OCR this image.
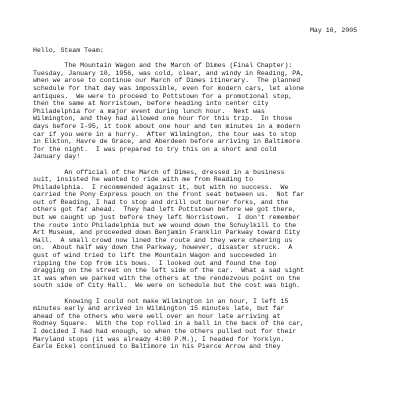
May 16, 2005
Hello, Steam Team:
The Mountain Wagon and the March of Dimes (Final Chapter):
Tuesday, January 10, 1956, was cold, clear, and windy in Reading, PA,
when we arose to continue our March of Dimes itinerary.  The planned
schedule for that day was impossible, even for modern cars, let alone
antiques.  We were to proceed to Pottstown for a promotional stop,
then the same at Norristown, before heading into center city
Philadelphia for a major event during lunch hour.  Next was
Wilmington, and they had allowed one hour for this trip.  In those
days before I-95, it took about one hour and ten minutes in a modern
car if you were in a hurry.  After Wilmington, the tour was to stop
in Elkton, Havre de Grace, and Aberdeen before arriving in Baltimore
for the night.  I was prepared to try this on a short and cold
January day!
An official of the March of Dimes, dressed in a business
suit, insisted he wanted to ride with me from Reading to
Philadelphia.  I recommended against it, but with no success.  We
carried the Pony Express pouch on the front seat between us.  Not far
out of Reading, I had to stop and drill out burner forks, and the
others got far ahead.  They had left Pottstown before we got there,
but we caught up just before they left Norristown.  I don't remember
the route into Philadelphia but we wound down the Schuylkill to the
Art Museum, and proceeded down Benjamin Franklin Parkway toward City
Hall.  A small crowd now lined the route and they were cheering us
on.  About half way down the Parkway, however, disaster struck.  A
gust of wind tried to lift the Mountain Wagon and succeeded in
ripping the top from its bows.  I looked out and found the top
dragging on the street on the left side of the car.  What a sad sight
it was when we parked with the others at the rendezvous point on the
south side of City Hall.  We were on schedule but the cost was high.
Knowing I could not make Wilmington in an hour, I left 15
minutes early and arrived in Wilmington 15 minutes late, but far
ahead of the others who were well over an hour late arriving at
Rodney Square.  With the top rolled in a ball in the back of the car,
I decided I had had enough, so when the others pulled out for their
Maryland stops (it was already 4:00 P.M.), I headed for Yorklyn.
Earle Eckel continued to Baltimore in his Pierce Arrow and they
